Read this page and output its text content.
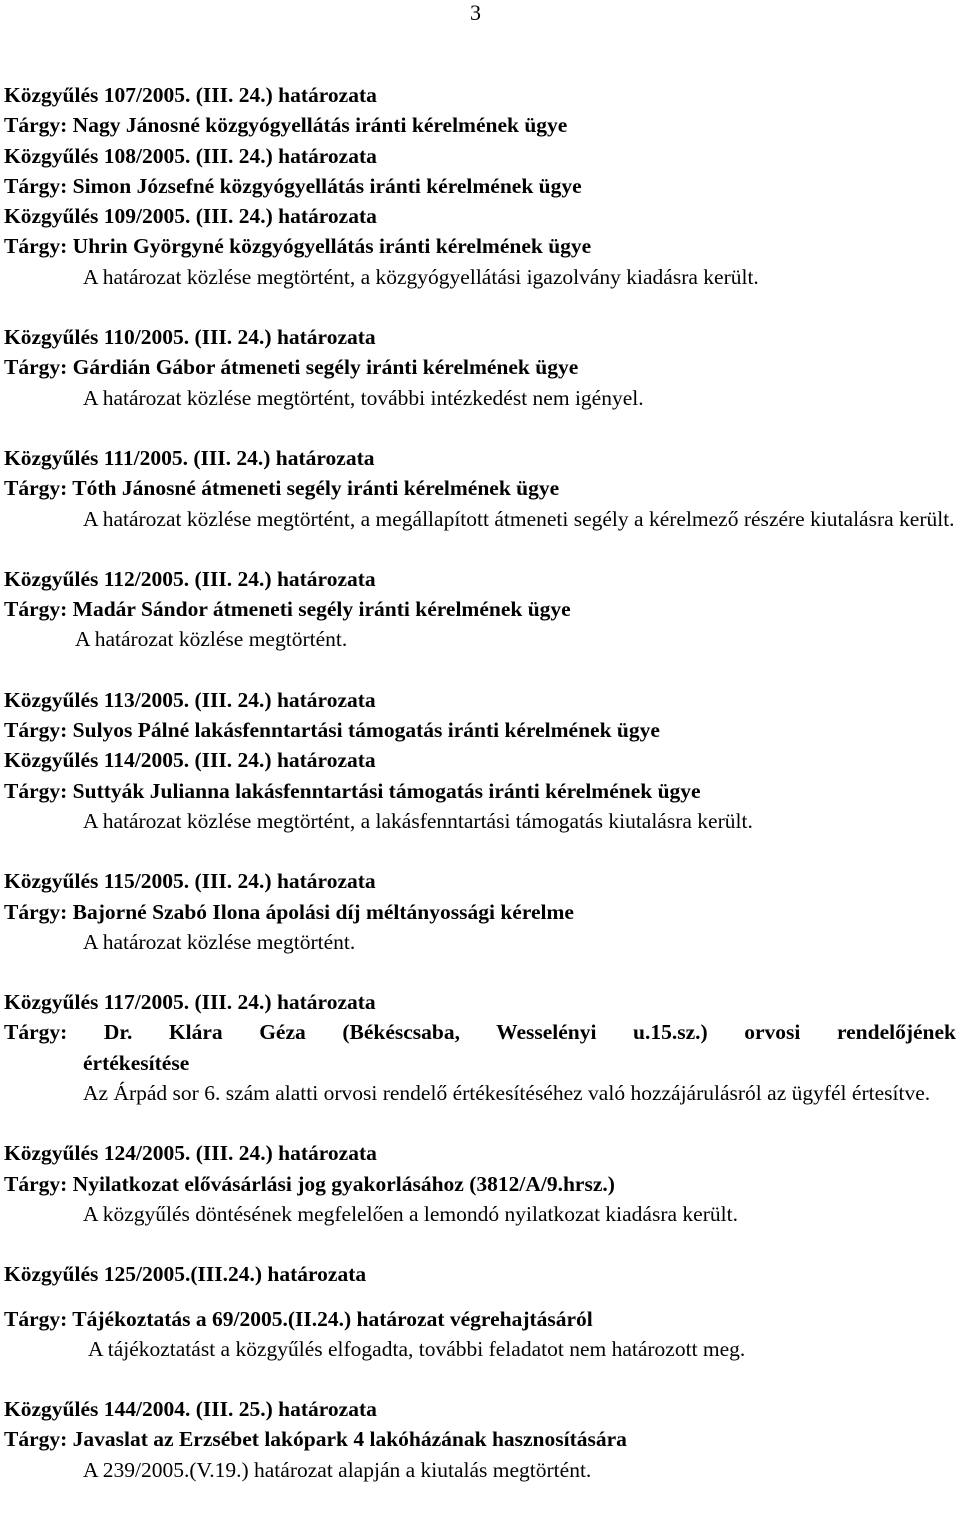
3
Közgyűlés 107/2005. (III. 24.) határozata
Tárgy: Nagy Jánosné közgyógyellátás iránti kérelmének ügye
Közgyűlés 108/2005. (III. 24.) határozata
Tárgy: Simon Józsefné közgyógyellátás iránti kérelmének ügye
Közgyűlés 109/2005. (III. 24.) határozata
Tárgy: Uhrin Györgyné közgyógyellátás iránti kérelmének ügye
A határozat közlése megtörtént, a közgyógyellátási igazolvány kiadásra került.
Közgyűlés 110/2005. (III. 24.) határozata
Tárgy: Gárdián Gábor átmeneti segély iránti kérelmének ügye
A határozat közlése megtörtént, további intézkedést nem igényel.
Közgyűlés 111/2005. (III. 24.) határozata
Tárgy: Tóth Jánosné átmeneti segély iránti kérelmének ügye
A határozat közlése megtörtént, a megállapított átmeneti segély a kérelmező részére kiutalásra került.
Közgyűlés 112/2005. (III. 24.) határozata
Tárgy: Madár Sándor átmeneti segély iránti kérelmének ügye
A határozat közlése megtörtént.
Közgyűlés 113/2005. (III. 24.) határozata
Tárgy: Sulyos Pálné lakásfenntartási támogatás iránti kérelmének ügye
Közgyűlés 114/2005. (III. 24.) határozata
Tárgy: Suttyák Julianna lakásfenntartási támogatás iránti kérelmének ügye
A határozat közlése megtörtént, a lakásfenntartási támogatás kiutalásra került.
Közgyűlés 115/2005. (III. 24.) határozata
Tárgy: Bajorné Szabó Ilona ápolási díj méltányossági kérelme
A határozat közlése megtörtént.
Közgyűlés 117/2005. (III. 24.) határozata
Tárgy: Dr. Klára Géza (Békéscsaba, Wesselényi u.15.sz.) orvosi rendelőjének
értékesítése
Az Árpád sor 6. szám alatti orvosi rendelő értékesítéséhez való hozzájárulásról az ügyfél értesítve.
Közgyűlés 124/2005. (III. 24.) határozata
Tárgy: Nyilatkozat elővásárlási jog gyakorlásához (3812/A/9.hrsz.)
A közgyűlés döntésének megfelelően a lemondó nyilatkozat kiadásra került.
Közgyűlés 125/2005.(III.24.) határozata
Tárgy: Tájékoztatás a 69/2005.(II.24.) határozat végrehajtásáról
A tájékoztatást a közgyűlés elfogadta, további feladatot nem határozott meg.
Közgyűlés 144/2004. (III. 25.) határozata
Tárgy: Javaslat az Erzsébet lakópark 4 lakóházának hasznosítására
A 239/2005.(V.19.) határozat alapján a kiutalás megtörtént.
